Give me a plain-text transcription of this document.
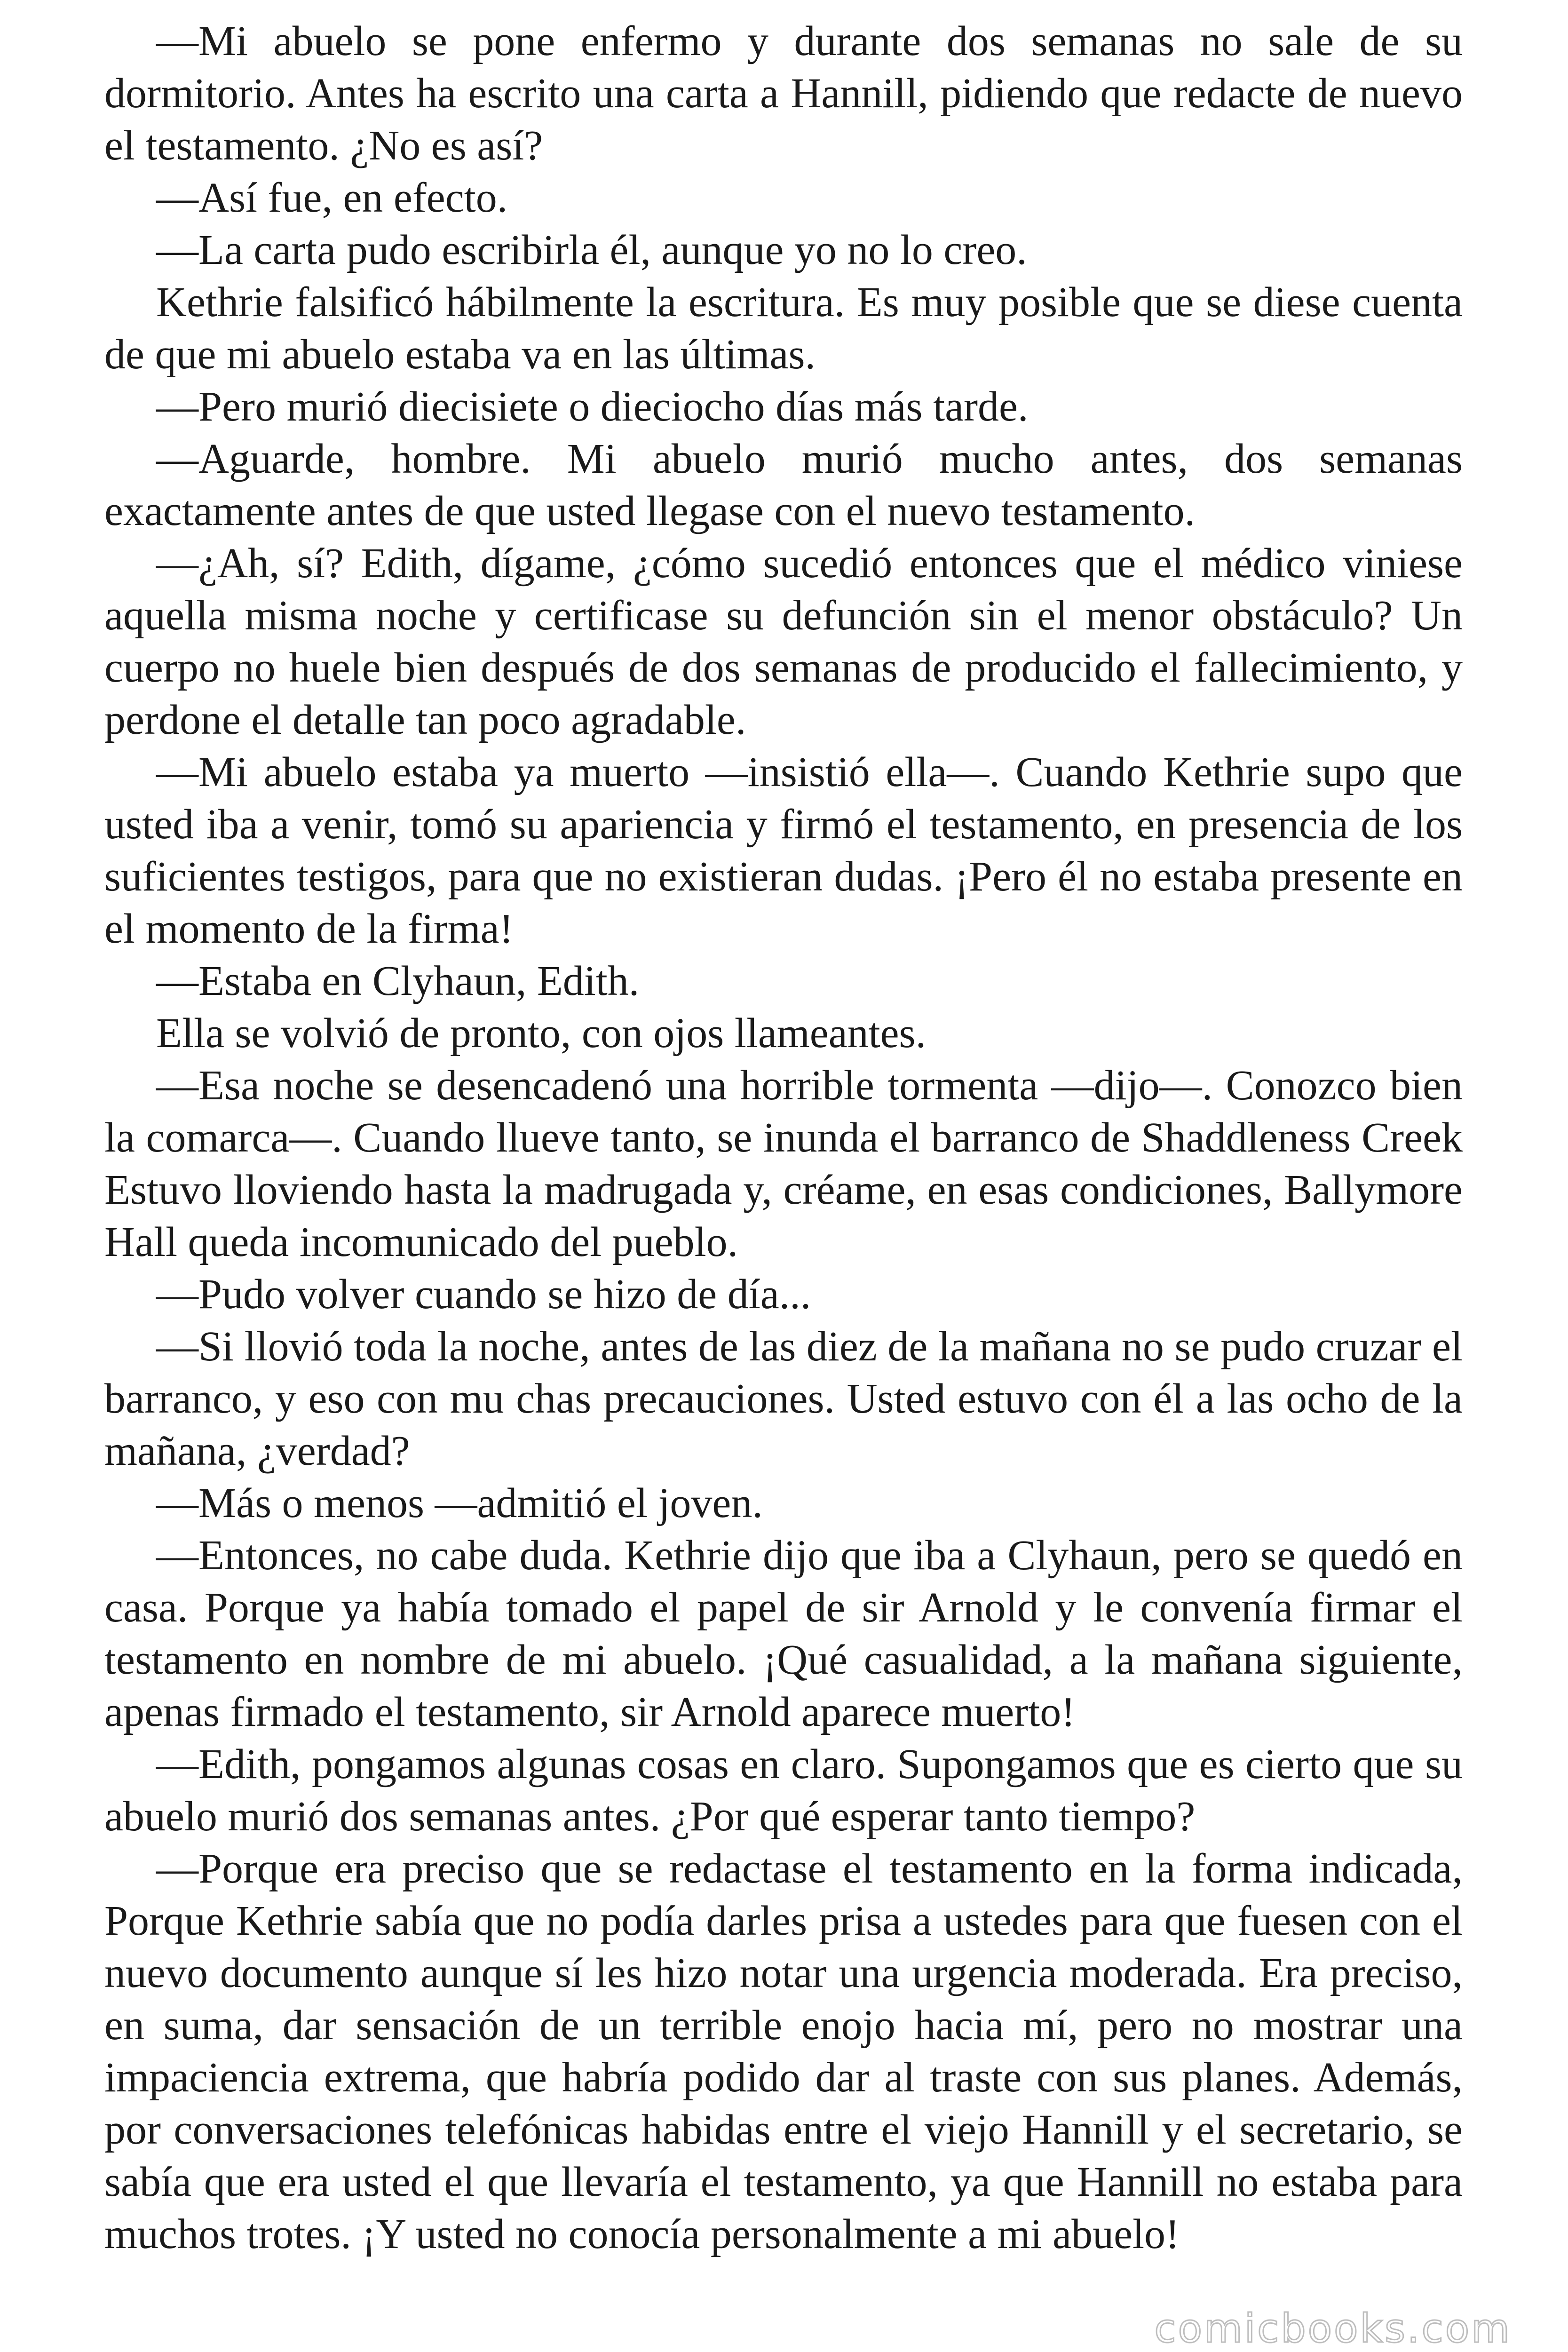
—Mi abuelo se pone enfermo y durante dos semanas no sale de su dormitorio. Antes ha escrito una carta a Hannill, pidiendo que redacte de nuevo el testamento. ¿No es así?

—Así fue, en efecto.

—La carta pudo escribirla él, aunque yo no lo creo.

Kethrie falsificó hábilmente la escritura. Es muy posible que se diese cuenta de que mi abuelo estaba va en las últimas.

—Pero murió diecisiete o dieciocho días más tarde.

—Aguarde, hombre. Mi abuelo murió mucho antes, dos semanas exactamente antes de que usted llegase con el nuevo testamento.

—¿Ah, sí? Edith, dígame, ¿cómo sucedió entonces que el médico viniese aquella misma noche y certificase su defunción sin el menor obstáculo? Un cuerpo no huele bien después de dos semanas de producido el fallecimiento, y perdone el detalle tan poco agradable.

—Mi abuelo estaba ya muerto —insistió ella—. Cuando Kethrie supo que usted iba a venir, tomó su apariencia y firmó el testamento, en presencia de los suficientes testigos, para que no existieran dudas. ¡Pero él no estaba presente en el momento de la firma!

—Estaba en Clyhaun, Edith.

Ella se volvió de pronto, con ojos llameantes.

—Esa noche se desencadenó una horrible tormenta —dijo—. Conozco bien la comarca—. Cuando llueve tanto, se inunda el barranco de Shaddleness Creek Estuvo lloviendo hasta la madrugada y, créame, en esas condiciones, Ballymore Hall queda incomunicado del pueblo.

—Pudo volver cuando se hizo de día...

—Si llovió toda la noche, antes de las diez de la mañana no se pudo cruzar el barranco, y eso con mu chas precauciones. Usted estuvo con él a las ocho de la mañana, ¿verdad?

—Más o menos —admitió el joven.

—Entonces, no cabe duda. Kethrie dijo que iba a Clyhaun, pero se quedó en casa. Porque ya había tomado el papel de sir Arnold y le convenía firmar el testamento en nombre de mi abuelo. ¡Qué casualidad, a la mañana siguiente, apenas firmado el testamento, sir Arnold aparece muerto!

—Edith, pongamos algunas cosas en claro. Supongamos que es cierto que su abuelo murió dos semanas antes. ¿Por qué esperar tanto tiempo?

—Porque era preciso que se redactase el testamento en la forma indicada, Porque Kethrie sabía que no podía darles prisa a ustedes para que fuesen con el nuevo documento aunque sí les hizo notar una urgencia moderada. Era preciso, en suma, dar sensación de un terrible enojo hacia mí, pero no mostrar una impaciencia extrema, que habría podido dar al traste con sus planes. Además, por conversaciones telefónicas habidas entre el viejo Hannill y el secretario, se sabía que era usted el que llevaría el testamento, ya que Hannill no estaba para muchos trotes. ¡Y usted no conocía personalmente a mi abuelo!

comicbooks.com
